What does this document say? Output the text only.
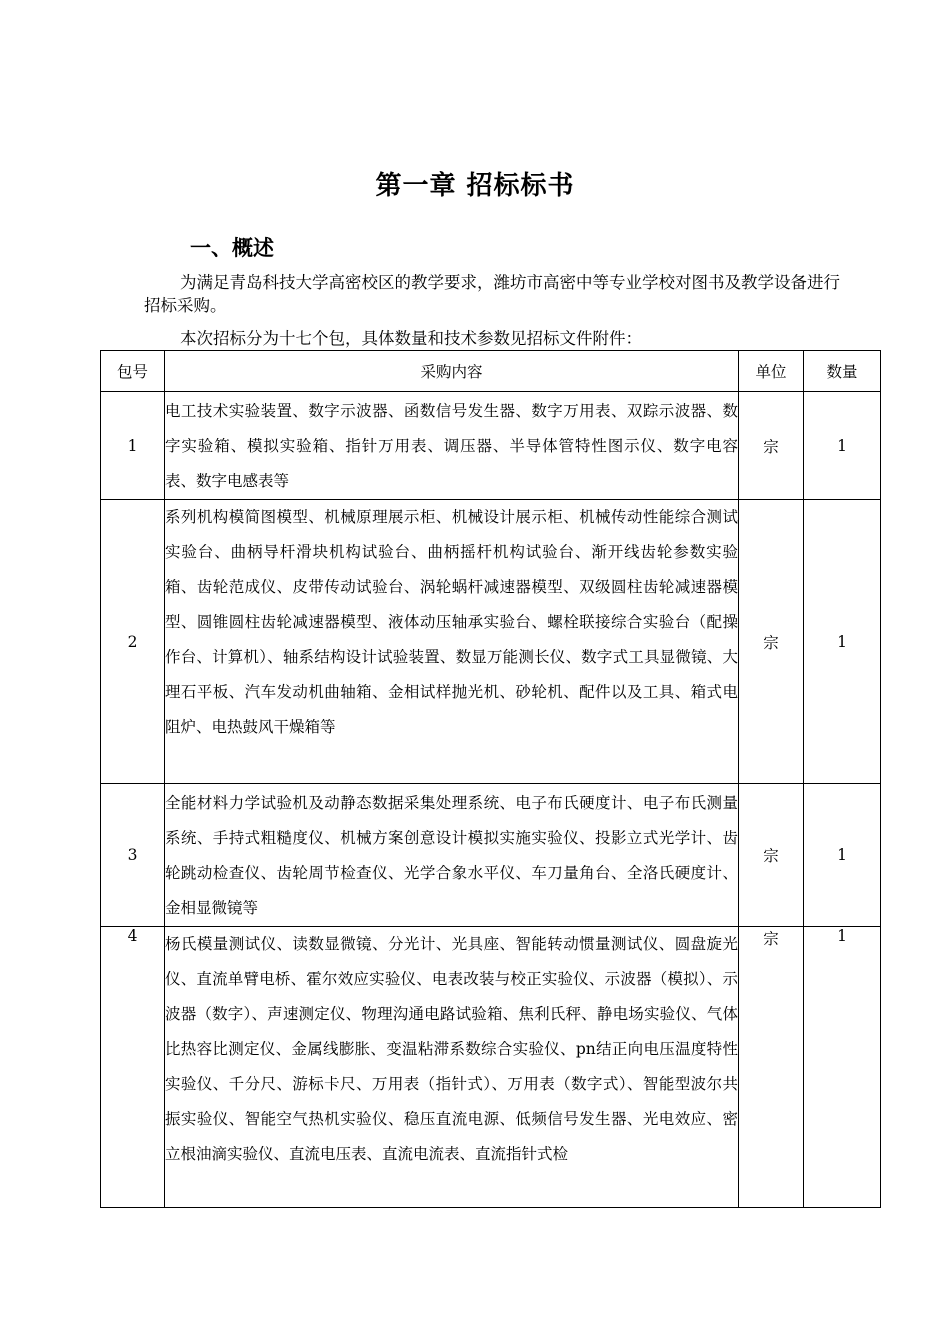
第一章 招标标书
一、概述
为满足青岛科技大学高密校区的教学要求，潍坊市高密中等专业学校对图书及教学设备进行招标采购。
本次招标分为十七个包，具体数量和技术参数见招标文件附件：
包号	采购内容	单位	数量
1	电工技术实验装置、数字示波器、函数信号发生器、数字万用表、双踪示波器、数字实验箱、模拟实验箱、指针万用表、调压器、半导体管特性图示仪、数字电容表、数字电感表等	宗	1
2	系列机构模简图模型、机械原理展示柜、机械设计展示柜、机械传动性能综合测试实验台、曲柄导杆滑块机构试验台、曲柄摇杆机构试验台、渐开线齿轮参数实验箱、齿轮范成仪、皮带传动试验台、涡轮蜗杆减速器模型、双级圆柱齿轮减速器模型、圆锥圆柱齿轮减速器模型、液体动压轴承实验台、螺栓联接综合实验台（配操作台、计算机）、轴系结构设计试验装置、数显万能测长仪、数字式工具显微镜、大理石平板、汽车发动机曲轴箱、金相试样抛光机、砂轮机、配件以及工具、箱式电阻炉、电热鼓风干燥箱等	宗	1
3	全能材料力学试验机及动静态数据采集处理系统、电子布氏硬度计、电子布氏测量系统、手持式粗糙度仪、机械方案创意设计模拟实施实验仪、投影立式光学计、齿轮跳动检查仪、齿轮周节检查仪、光学合象水平仪、车刀量角台、全洛氏硬度计、金相显微镜等	宗	1
4	杨氏模量测试仪、读数显微镜、分光计、光具座、智能转动惯量测试仪、圆盘旋光仪、直流单臂电桥、霍尔效应实验仪、电表改装与校正实验仪、示波器（模拟）、示波器（数字）、声速测定仪、物理沟通电路试验箱、焦利氏秤、静电场实验仪、气体比热容比测定仪、金属线膨胀、变温粘滞系数综合实验仪、pn结正向电压温度特性实验仪、千分尺、游标卡尺、万用表（指针式）、万用表（数字式）、智能型波尔共振实验仪、智能空气热机实验仪、稳压直流电源、低频信号发生器、光电效应、密立根油滴实验仪、直流电压表、直流电流表、直流指针式检	宗	1
